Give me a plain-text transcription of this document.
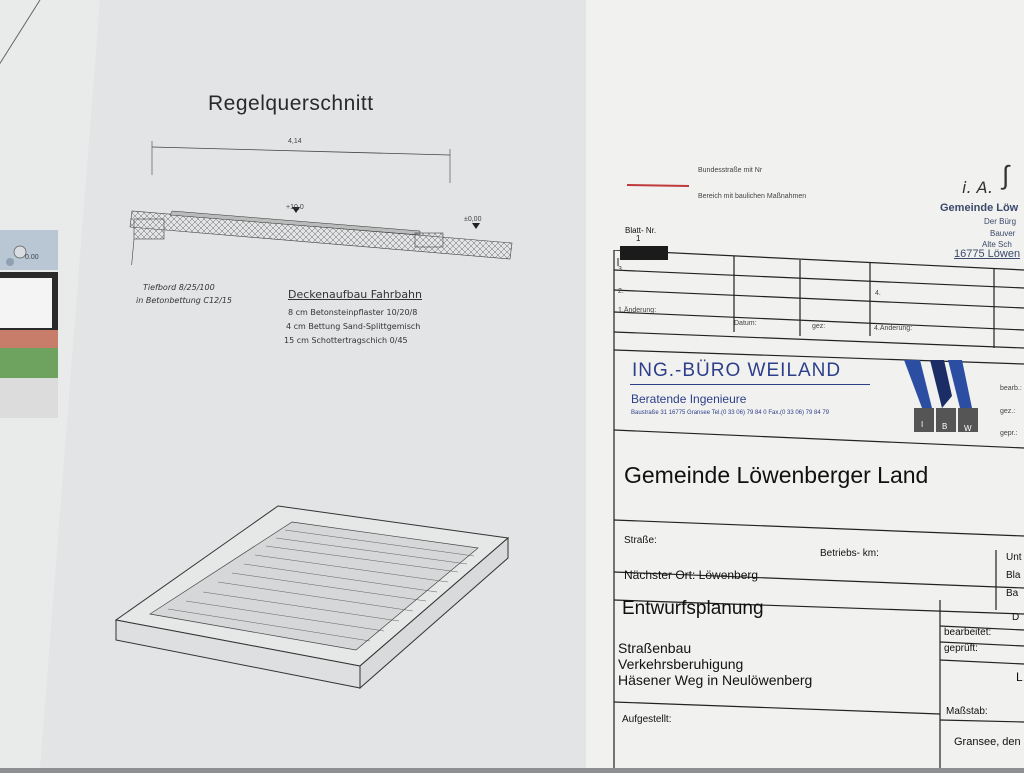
0.00
Regelquerschnitt
4,14
+10,0
±0,00
Tiefbord 8/25/100
in Betonbettung C12/15	Deckenaufbau Fahrbahn
8 cm Betonsteinpflaster 10/20/8
4 cm Bettung Sand-Splittgemisch
15 cm Schottertragschich 0/45
Bundesstraße mit Nr
Bereich mit baulichen Maßnahmen	i. A. ∫
Gemeinde Löw
Der Bürg
Bauver
Alte Sch
16775 Löwen
Blatt- Nr.
1
3.
2.	4.
1.Änderung:
Datum:	gez:	4.Änderung:
ING.-BÜRO WEILAND
Beratende Ingenieure
Baustraße 31 16775 Gransee Tel.(0 33 06) 79 84 0 Fax.(0 33 06) 79 84 79
I B W
bearb.:
gez.:
gepr.:
Gemeinde Löwenberger Land
Straße:
Betriebs- km:	Unt
Bla
Ba
Nächster Ort: Löwenberg
Entwurfsplanung	D
bearbeitet:
geprüft:
L
Straßenbau
Verkehrsberuhigung
Häsener Weg in Neulöwenberg
Maßstab:
Aufgestellt:
Gransee, den
